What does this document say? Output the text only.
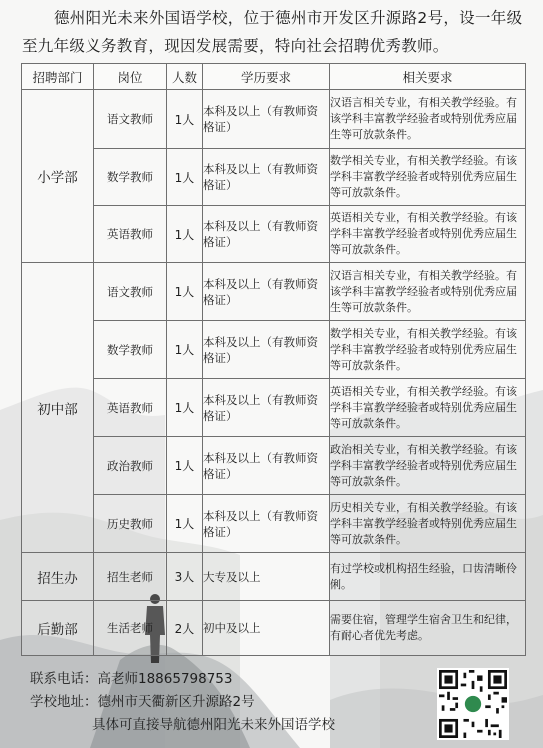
德州阳光未来外国语学校，位于德州市开发区升源路2号，设一年级至九年级义务教育，现因发展需要，特向社会招聘优秀教师。

招聘部门	岗位	人数	学历要求	相关要求
小学部	语文教师	1人	本科及以上（有教师资格证）	汉语言相关专业，有相关教学经验。有该学科丰富教学经验者或特别优秀应届生等可放款条件。
	数学教师	1人	本科及以上（有教师资格证）	数学相关专业，有相关教学经验。有该学科丰富教学经验者或特别优秀应届生等可放款条件。
	英语教师	1人	本科及以上（有教师资格证）	英语相关专业，有相关教学经验。有该学科丰富教学经验者或特别优秀应届生等可放款条件。
初中部	语文教师	1人	本科及以上（有教师资格证）	汉语言相关专业，有相关教学经验。有该学科丰富教学经验者或特别优秀应届生等可放款条件。
	数学教师	1人	本科及以上（有教师资格证）	数学相关专业，有相关教学经验。有该学科丰富教学经验者或特别优秀应届生等可放款条件。
	英语教师	1人	本科及以上（有教师资格证）	英语相关专业，有相关教学经验。有该学科丰富教学经验者或特别优秀应届生等可放款条件。
	政治教师	1人	本科及以上（有教师资格证）	政治相关专业，有相关教学经验。有该学科丰富教学经验者或特别优秀应届生等可放款条件。
	历史教师	1人	本科及以上（有教师资格证）	历史相关专业，有相关教学经验。有该学科丰富教学经验者或特别优秀应届生等可放款条件。
招生办	招生老师	3人	大专及以上	有过学校或机构招生经验，口齿清晰伶俐。
后勤部	生活老师	2人	初中及以上	需要住宿，管理学生宿舍卫生和纪律，有耐心者优先考虑。
联系电话：高老师18865798753
学校地址：德州市天衢新区升源路2号
具体可直接导航德州阳光未来外国语学校
